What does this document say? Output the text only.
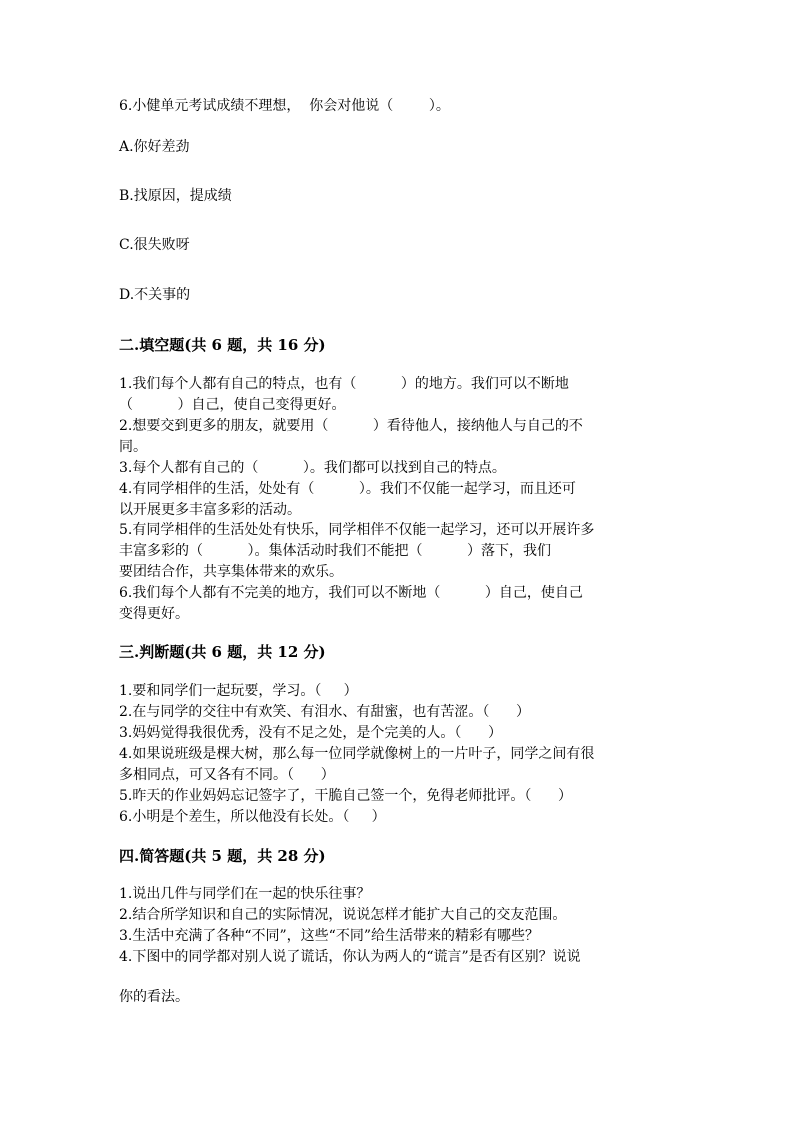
6.小健单元考试成绩不理想，  你会对他说（        ）。
A.你好差劲
B.找原因，提成绩
C.很失败呀
D.不关事的
二.填空题(共 6 题，共 16 分)
1.我们每个人都有自己的特点，也有（          ）的地方。我们可以不断地
（          ）自己，使自己变得更好。
2.想要交到更多的朋友，就要用（          ）看待他人，接纳他人与自己的不
同。
3.每个人都有自己的（          ）。我们都可以找到自己的特点。
4.有同学相伴的生活，处处有（          ）。我们不仅能一起学习，而且还可
以开展更多丰富多彩的活动。
5.有同学相伴的生活处处有快乐，同学相伴不仅能一起学习，还可以开展许多
丰富多彩的（          ）。集体活动时我们不能把（          ）落下，我们
要团结合作，共享集体带来的欢乐。
6.我们每个人都有不完美的地方，我们可以不断地（          ）自己，使自己
变得更好。
三.判断题(共 6 题，共 12 分)
1.要和同学们一起玩要，学习。（     ）
2.在与同学的交往中有欢笑、有泪水、有甜蜜，也有苦涩。（      ）
3.妈妈觉得我很优秀，没有不足之处，是个完美的人。（      ）
4.如果说班级是棵大树，那么每一位同学就像树上的一片叶子，同学之间有很
多相同点，可又各有不同。（      ）
5.昨天的作业妈妈忘记签字了，干脆自己签一个，免得老师批评。（      ）
6.小明是个差生，所以他没有长处。（     ）
四.简答题(共 5 题，共 28 分)
1.说出几件与同学们在一起的快乐往事？
2.结合所学知识和自己的实际情况，说说怎样才能扩大自己的交友范围。
3.生活中充满了各种“不同”，这些“不同”给生活带来的精彩有哪些？
4.下图中的同学都对别人说了谎话，你认为两人的“谎言”是否有区别？说说
你的看法。
